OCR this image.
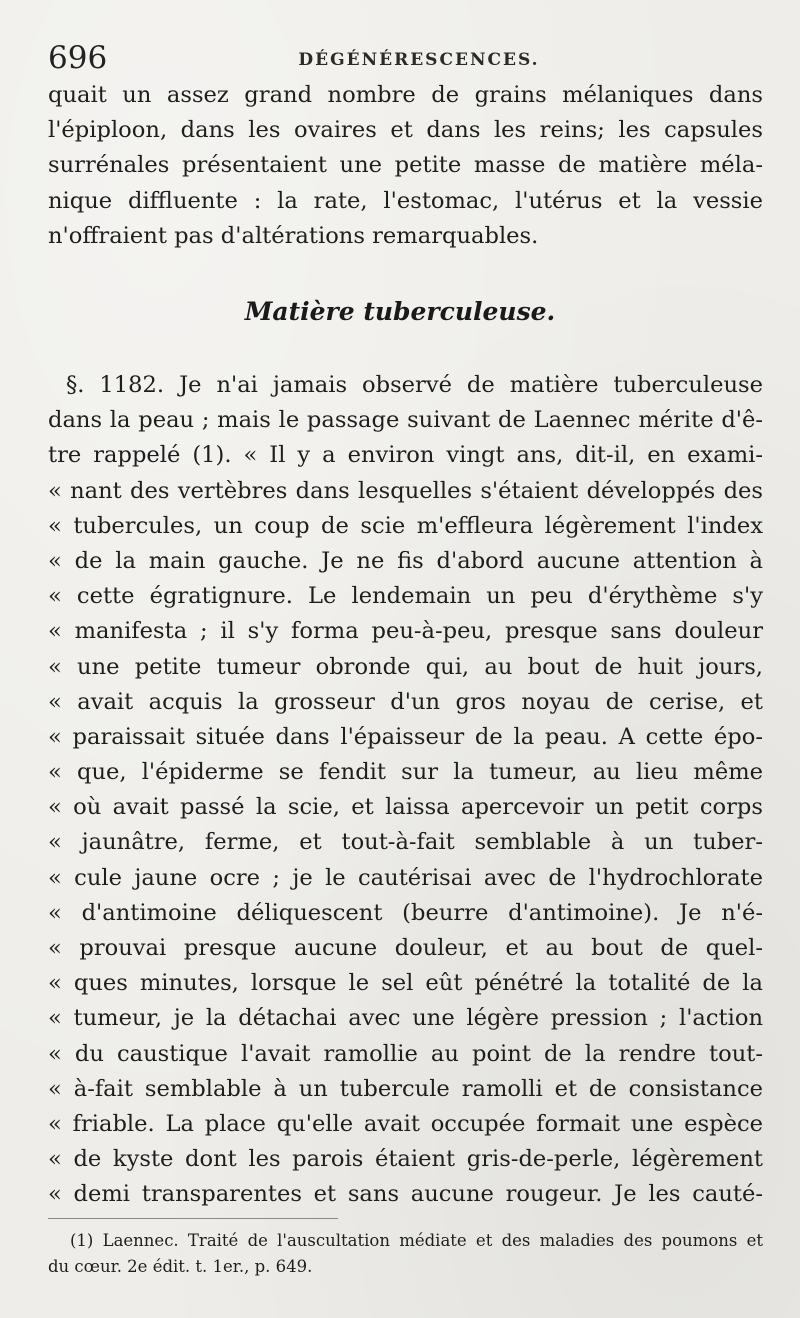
696	DÉGÉNÉRESCENCES.
quait un assez grand nombre de grains mélaniques dans
l'épiploon, dans les ovaires et dans les reins; les capsules
surrénales présentaient une petite masse de matière méla-
nique diffluente : la rate, l'estomac, l'utérus et la vessie
n'offraient pas d'altérations remarquables.
Matière tuberculeuse.
§. 1182. Je n'ai jamais observé de matière tuberculeuse
dans la peau ; mais le passage suivant de Laennec mérite d'ê-
tre rappelé (1). « Il y a environ vingt ans, dit-il, en exami-
« nant des vertèbres dans lesquelles s'étaient développés des
« tubercules, un coup de scie m'effleura légèrement l'index
« de la main gauche. Je ne fis d'abord aucune attention à
« cette égratignure. Le lendemain un peu d'érythème s'y
« manifesta ; il s'y forma peu-à-peu, presque sans douleur
« une petite tumeur obronde qui, au bout de huit jours,
« avait acquis la grosseur d'un gros noyau de cerise, et
« paraissait située dans l'épaisseur de la peau. A cette épo-
« que, l'épiderme se fendit sur la tumeur, au lieu même
« où avait passé la scie, et laissa apercevoir un petit corps
« jaunâtre, ferme, et tout-à-fait semblable à un tuber-
« cule jaune ocre ; je le cautérisai avec de l'hydrochlorate
« d'antimoine déliquescent (beurre d'antimoine). Je n'é-
« prouvai presque aucune douleur, et au bout de quel-
« ques minutes, lorsque le sel eût pénétré la totalité de la
« tumeur, je la détachai avec une légère pression ; l'action
« du caustique l'avait ramollie au point de la rendre tout-
« à-fait semblable à un tubercule ramolli et de consistance
« friable. La place qu'elle avait occupée formait une espèce
« de kyste dont les parois étaient gris-de-perle, légèrement
« demi transparentes et sans aucune rougeur. Je les cauté-
(1) Laennec. Traité de l'auscultation médiate et des maladies des poumons et
du cœur. 2e édit. t. 1er., p. 649.
